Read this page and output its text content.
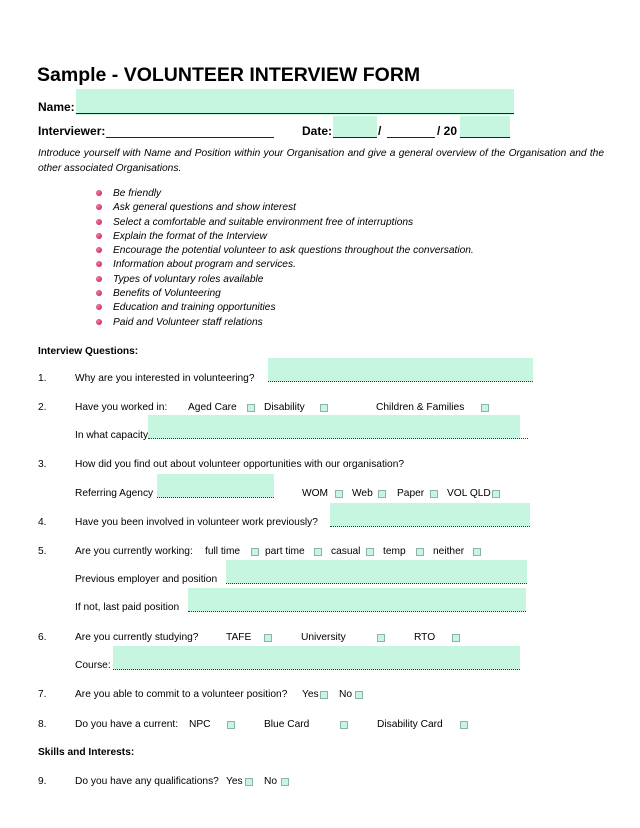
Sample - VOLUNTEER INTERVIEW FORM
Name:
Interviewer:	Date:	/	/ 20
Introduce yourself with Name and Position within your Organisation and give a general overview of the Organisation and the other associated Organisations.
Be friendly
Ask general questions and show interest
Select a comfortable and suitable environment free of interruptions
Explain the format of the Interview
Encourage the potential volunteer to ask questions throughout the conversation.
Information about program and services.
Types of voluntary roles available
Benefits of Volunteering
Education and training opportunities
Paid and Volunteer staff relations
Interview Questions:
1.	Why are you interested in volunteering?
2.	Have you worked in: Aged Care	Disability	Children & Families
In what capacity
3.	How did you find out about volunteer opportunities with our organisation?
Referring Agency	WOM Web Paper VOL QLD
4.	Have you been involved in volunteer work previously?
5.	Are you currently working: full time part time	casual temp	neither
Previous employer and position
If not, last paid position
6.	Are you currently studying?	TAFE	University	RTO
Course:
7.	Are you able to commit to a volunteer position? Yes No
8.	Do you have a current: NPC	Blue Card	Disability Card
Skills and Interests:
9.	Do you have any qualifications? Yes No
